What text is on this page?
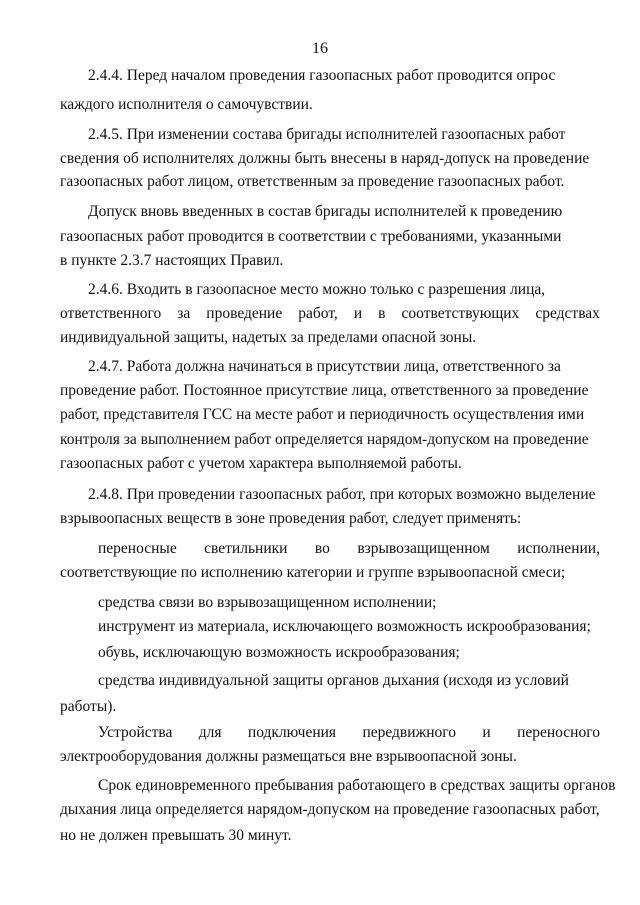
16
2.4.4. Перед началом проведения газоопасных работ проводится опрос
каждого исполнителя о самочувствии.
2.4.5. При изменении состава бригады исполнителей газоопасных работ
сведения об исполнителях должны быть внесены в наряд-допуск на проведение
газоопасных работ лицом, ответственным за проведение газоопасных работ.
Допуск вновь введенных в состав бригады исполнителей к проведению
газоопасных работ проводится в соответствии с требованиями, указанными
в пункте 2.3.7 настоящих Правил.
2.4.6. Входить в газоопасное место можно только с разрешения лица,
ответственного за проведение работ, и в соответствующих средствах
индивидуальной защиты, надетых за пределами опасной зоны.
2.4.7. Работа должна начинаться в присутствии лица, ответственного за
проведение работ. Постоянное присутствие лица, ответственного за проведение
работ, представителя ГСС на месте работ и периодичность осуществления ими
контроля за выполнением работ определяется нарядом-допуском на проведение
газоопасных работ с учетом характера выполняемой работы.
2.4.8. При проведении газоопасных работ, при которых возможно выделение
взрывоопасных веществ в зоне проведения работ, следует применять:
переносные светильники во взрывозащищенном исполнении,
соответствующие по исполнению категории и группе взрывоопасной смеси;
средства связи во взрывозащищенном исполнении;
инструмент из материала, исключающего возможность искрообразования;
обувь, исключающую возможность искрообразования;
средства индивидуальной защиты органов дыхания (исходя из условий
работы).
Устройства для подключения передвижного и переносного
электрооборудования должны размещаться вне взрывоопасной зоны.
Срок единовременного пребывания работающего в средствах защиты органов
дыхания лица определяется нарядом-допуском на проведение газоопасных работ,
но не должен превышать 30 минут.
